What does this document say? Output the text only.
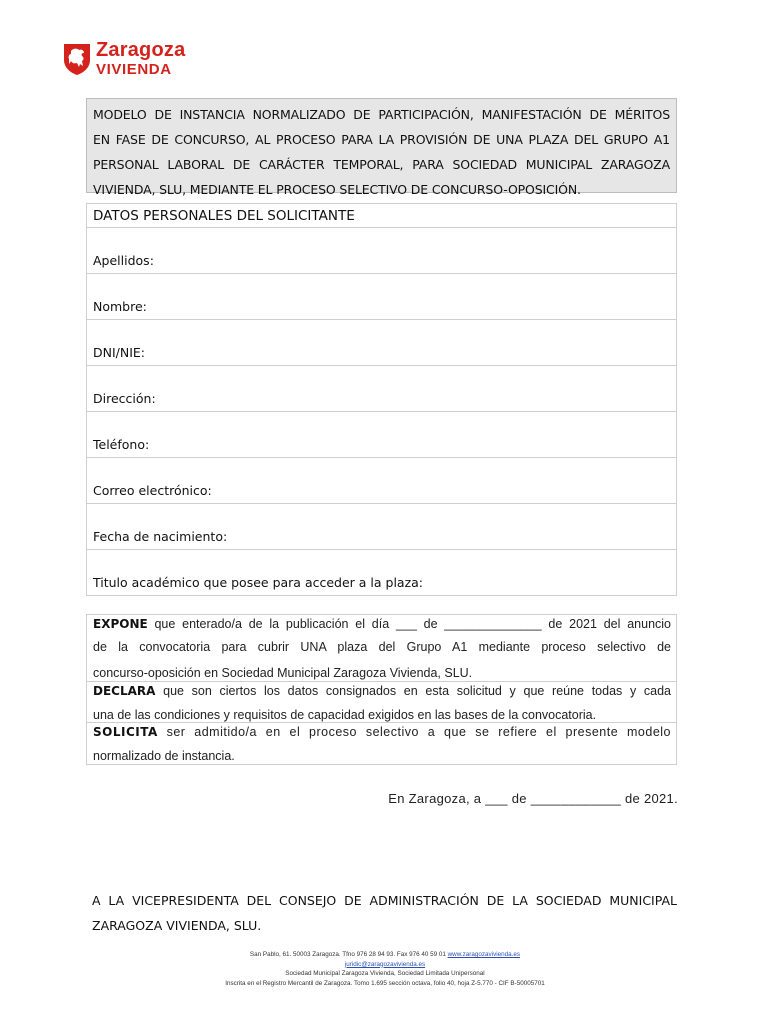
Zaragoza
VIVIENDA
MODELO DE INSTANCIA NORMALIZADO DE PARTICIPACIÓN, MANIFESTACIÓN DE MÉRITOS
EN FASE DE CONCURSO, AL PROCESO PARA LA PROVISIÓN DE UNA PLAZA DEL GRUPO A1
PERSONAL LABORAL DE CARÁCTER TEMPORAL, PARA SOCIEDAD MUNICIPAL ZARAGOZA
VIVIENDA, SLU, MEDIANTE EL PROCESO SELECTIVO DE CONCURSO-OPOSICIÓN.
DATOS PERSONALES DEL SOLICITANTE
Apellidos:
Nombre:
DNI/NIE:
Dirección:
Teléfono:
Correo electrónico:
Fecha de nacimiento:
Titulo académico que posee para acceder a la plaza:
EXPONE que enterado/a de la publicación el día ___ de ______________ de 2021 del anuncio
de la convocatoria para cubrir UNA plaza del Grupo A1 mediante proceso selectivo de
concurso-oposición en Sociedad Municipal Zaragoza Vivienda, SLU.
DECLARA que son ciertos los datos consignados en esta solicitud y que reúne todas y cada
una de las condiciones y requisitos de capacidad exigidos en las bases de la convocatoria.
SOLICITA ser admitido/a en el proceso selectivo a que se refiere el presente modelo
normalizado de instancia.
En Zaragoza, a ___ de ____________ de 2021.
A LA VICEPRESIDENTA DEL CONSEJO DE ADMINISTRACIÓN DE LA SOCIEDAD MUNICIPAL
ZARAGOZA VIVIENDA, SLU.
San Pablo, 61. 50003 Zaragoza. Tfno 976 28 94 93. Fax 976 40 59 01 www.zaragozavivienda.es
juridic@zaragozavivienda.es
Sociedad Municipal Zaragoza Vivienda, Sociedad Limitada Unipersonal
Inscrita en el Registro Mercantil de Zaragoza. Tomo 1.695 sección octava, folio 40, hoja Z-5.770 - CIF B-50005701
